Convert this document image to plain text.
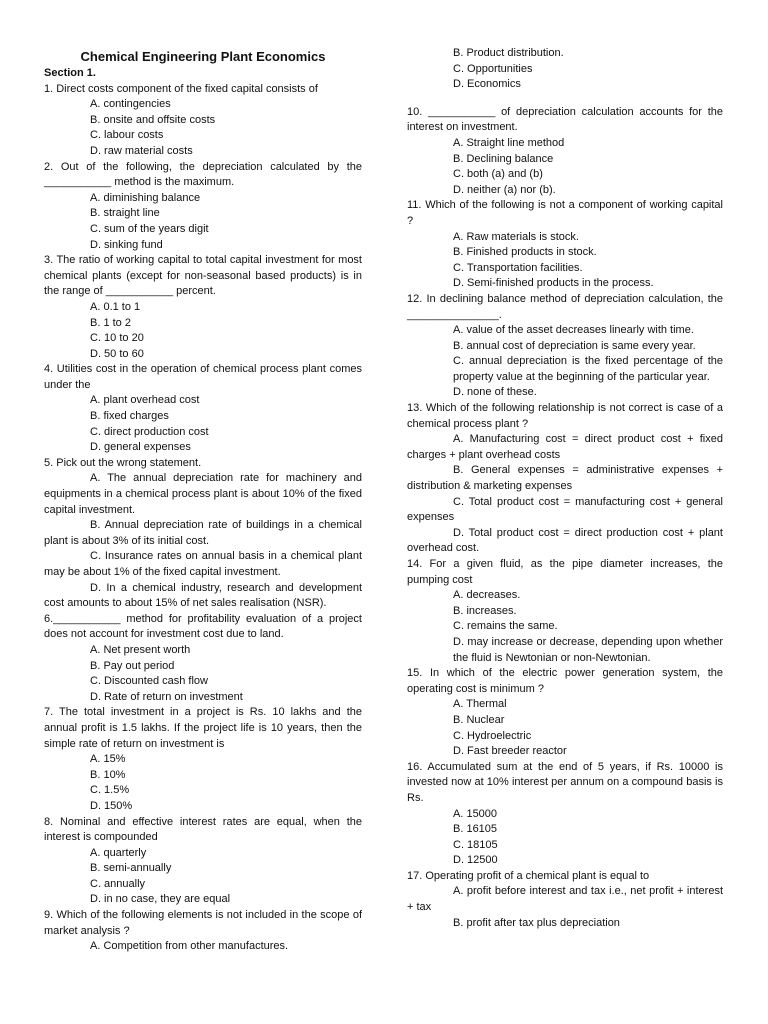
Chemical Engineering Plant Economics
Section 1.
1. Direct costs component of the fixed capital consists of
A. contingencies
B. onsite and offsite costs
C. labour costs
D. raw material costs
2. Out of the following, the depreciation calculated by the ___________ method is the maximum.
A. diminishing balance
B. straight line
C. sum of the years digit
D. sinking fund
3. The ratio of working capital to total capital investment for most chemical plants (except for non-seasonal based products) is in the range of ___________ percent.
A. 0.1 to 1
B. 1 to 2
C. 10 to 20
D. 50 to 60
4. Utilities cost in the operation of chemical process plant comes under the
A. plant overhead cost
B. fixed charges
C. direct production cost
D. general expenses
5. Pick out the wrong statement.
A. The annual depreciation rate for machinery and equipments in a chemical process plant is about 10% of the fixed capital investment.
B. Annual depreciation rate of buildings in a chemical plant is about 3% of its initial cost.
C. Insurance rates on annual basis in a chemical plant may be about 1% of the fixed capital investment.
D. In a chemical industry, research and development cost amounts to about 15% of net sales realisation (NSR).
6.___________ method for profitability evaluation of a project does not account for investment cost due to land.
A. Net present worth
B. Pay out period
C. Discounted cash flow
D. Rate of return on investment
7. The total investment in a project is Rs. 10 lakhs and the annual profit is 1.5 lakhs. If the project life is 10 years, then the simple rate of return on investment is
A. 15%
B. 10%
C. 1.5%
D. 150%
8. Nominal and effective interest rates are equal, when the interest is compounded
A. quarterly
B. semi-annually
C. annually
D. in no case, they are equal
9. Which of the following elements is not included in the scope of market analysis ?
A. Competition from other manufactures.
B. Product distribution.
C. Opportunities
D. Economics
10. ___________ of depreciation calculation accounts for the interest on investment.
A. Straight line method
B. Declining balance
C. both (a) and (b)
D. neither (a) nor (b).
11. Which of the following is not a component of working capital ?
A. Raw materials is stock.
B. Finished products in stock.
C. Transportation facilities.
D. Semi-finished products in the process.
12. In declining balance method of depreciation calculation, the _______________.
A. value of the asset decreases linearly with time.
B. annual cost of depreciation is same every year.
C. annual depreciation is the fixed percentage of the property value at the beginning of the particular year.
D. none of these.
13. Which of the following relationship is not correct is case of a chemical process plant ?
A. Manufacturing cost = direct product cost + fixed charges + plant overhead costs
B. General expenses = administrative expenses + distribution & marketing expenses
C. Total product cost = manufacturing cost + general expenses
D. Total product cost = direct production cost + plant overhead cost.
14. For a given fluid, as the pipe diameter increases, the pumping cost
A. decreases.
B. increases.
C. remains the same.
D. may increase or decrease, depending upon whether the fluid is Newtonian or non-Newtonian.
15. In which of the electric power generation system, the operating cost is minimum ?
A. Thermal
B. Nuclear
C. Hydroelectric
D. Fast breeder reactor
16. Accumulated sum at the end of 5 years, if Rs. 10000 is invested now at 10% interest per annum on a compound basis is Rs.
A. 15000
B. 16105
C. 18105
D. 12500
17. Operating profit of a chemical plant is equal to
A. profit before interest and tax i.e., net profit + interest + tax
B. profit after tax plus depreciation
